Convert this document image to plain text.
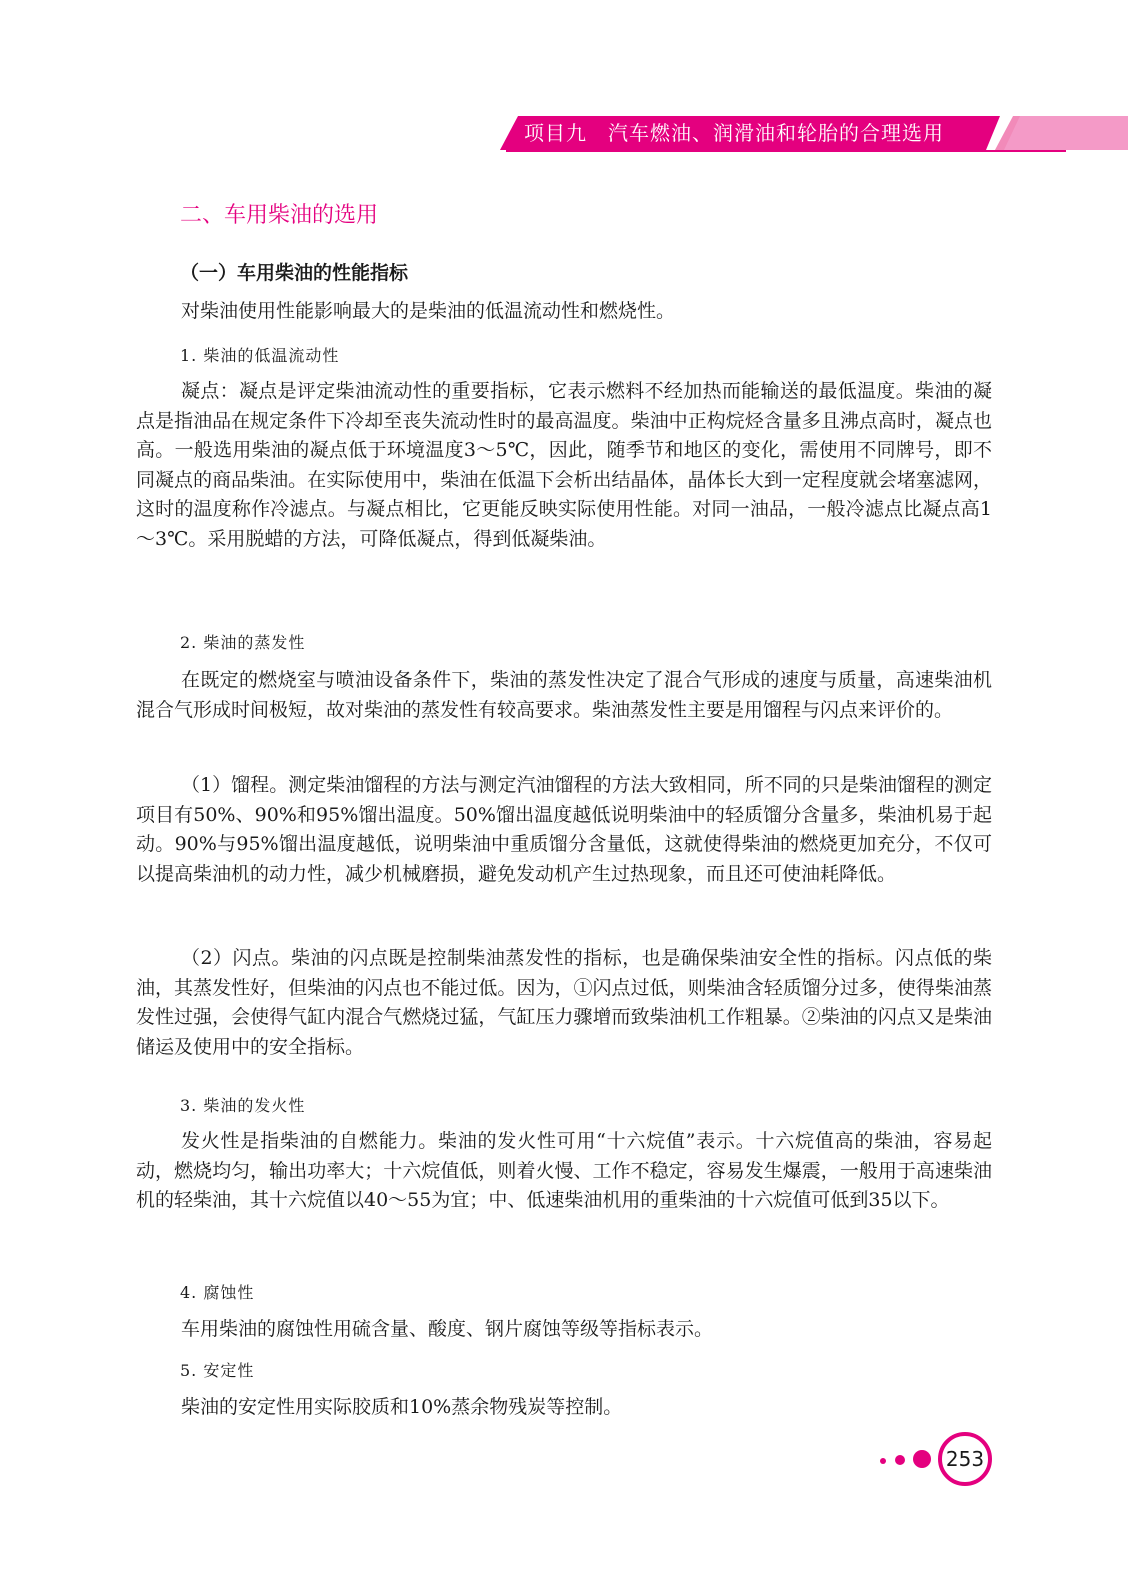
项目九　汽车燃油、润滑油和轮胎的合理选用
二、车用柴油的选用
（一）车用柴油的性能指标

对柴油使用性能影响最大的是柴油的低温流动性和燃烧性。

1. 柴油的低温流动性

凝点：凝点是评定柴油流动性的重要指标，它表示燃料不经加热而能输送的最低温度。柴油的凝点是指油品在规定条件下冷却至丧失流动性时的最高温度。柴油中正构烷烃含量多且沸点高时，凝点也高。一般选用柴油的凝点低于环境温度3～5℃，因此，随季节和地区的变化，需使用不同牌号，即不同凝点的商品柴油。在实际使用中，柴油在低温下会析出结晶体，晶体长大到一定程度就会堵塞滤网，这时的温度称作冷滤点。与凝点相比，它更能反映实际使用性能。对同一油品，一般冷滤点比凝点高1～3℃。采用脱蜡的方法，可降低凝点，得到低凝柴油。

2. 柴油的蒸发性

在既定的燃烧室与喷油设备条件下，柴油的蒸发性决定了混合气形成的速度与质量，高速柴油机混合气形成时间极短，故对柴油的蒸发性有较高要求。柴油蒸发性主要是用馏程与闪点来评价的。

（1）馏程。测定柴油馏程的方法与测定汽油馏程的方法大致相同，所不同的只是柴油馏程的测定项目有50%、90%和95%馏出温度。50%馏出温度越低说明柴油中的轻质馏分含量多，柴油机易于起动。90%与95%馏出温度越低，说明柴油中重质馏分含量低，这就使得柴油的燃烧更加充分，不仅可以提高柴油机的动力性，减少机械磨损，避免发动机产生过热现象，而且还可使油耗降低。

（2）闪点。柴油的闪点既是控制柴油蒸发性的指标，也是确保柴油安全性的指标。闪点低的柴油，其蒸发性好，但柴油的闪点也不能过低。因为，①闪点过低，则柴油含轻质馏分过多，使得柴油蒸发性过强，会使得气缸内混合气燃烧过猛，气缸压力骤增而致柴油机工作粗暴。②柴油的闪点又是柴油储运及使用中的安全指标。

3. 柴油的发火性

发火性是指柴油的自燃能力。柴油的发火性可用“十六烷值”表示。十六烷值高的柴油，容易起动，燃烧均匀，输出功率大；十六烷值低，则着火慢、工作不稳定，容易发生爆震，一般用于高速柴油机的轻柴油，其十六烷值以40～55为宜；中、低速柴油机用的重柴油的十六烷值可低到35以下。

4. 腐蚀性

车用柴油的腐蚀性用硫含量、酸度、钢片腐蚀等级等指标表示。

5. 安定性

柴油的安定性用实际胶质和10%蒸余物残炭等控制。

253
